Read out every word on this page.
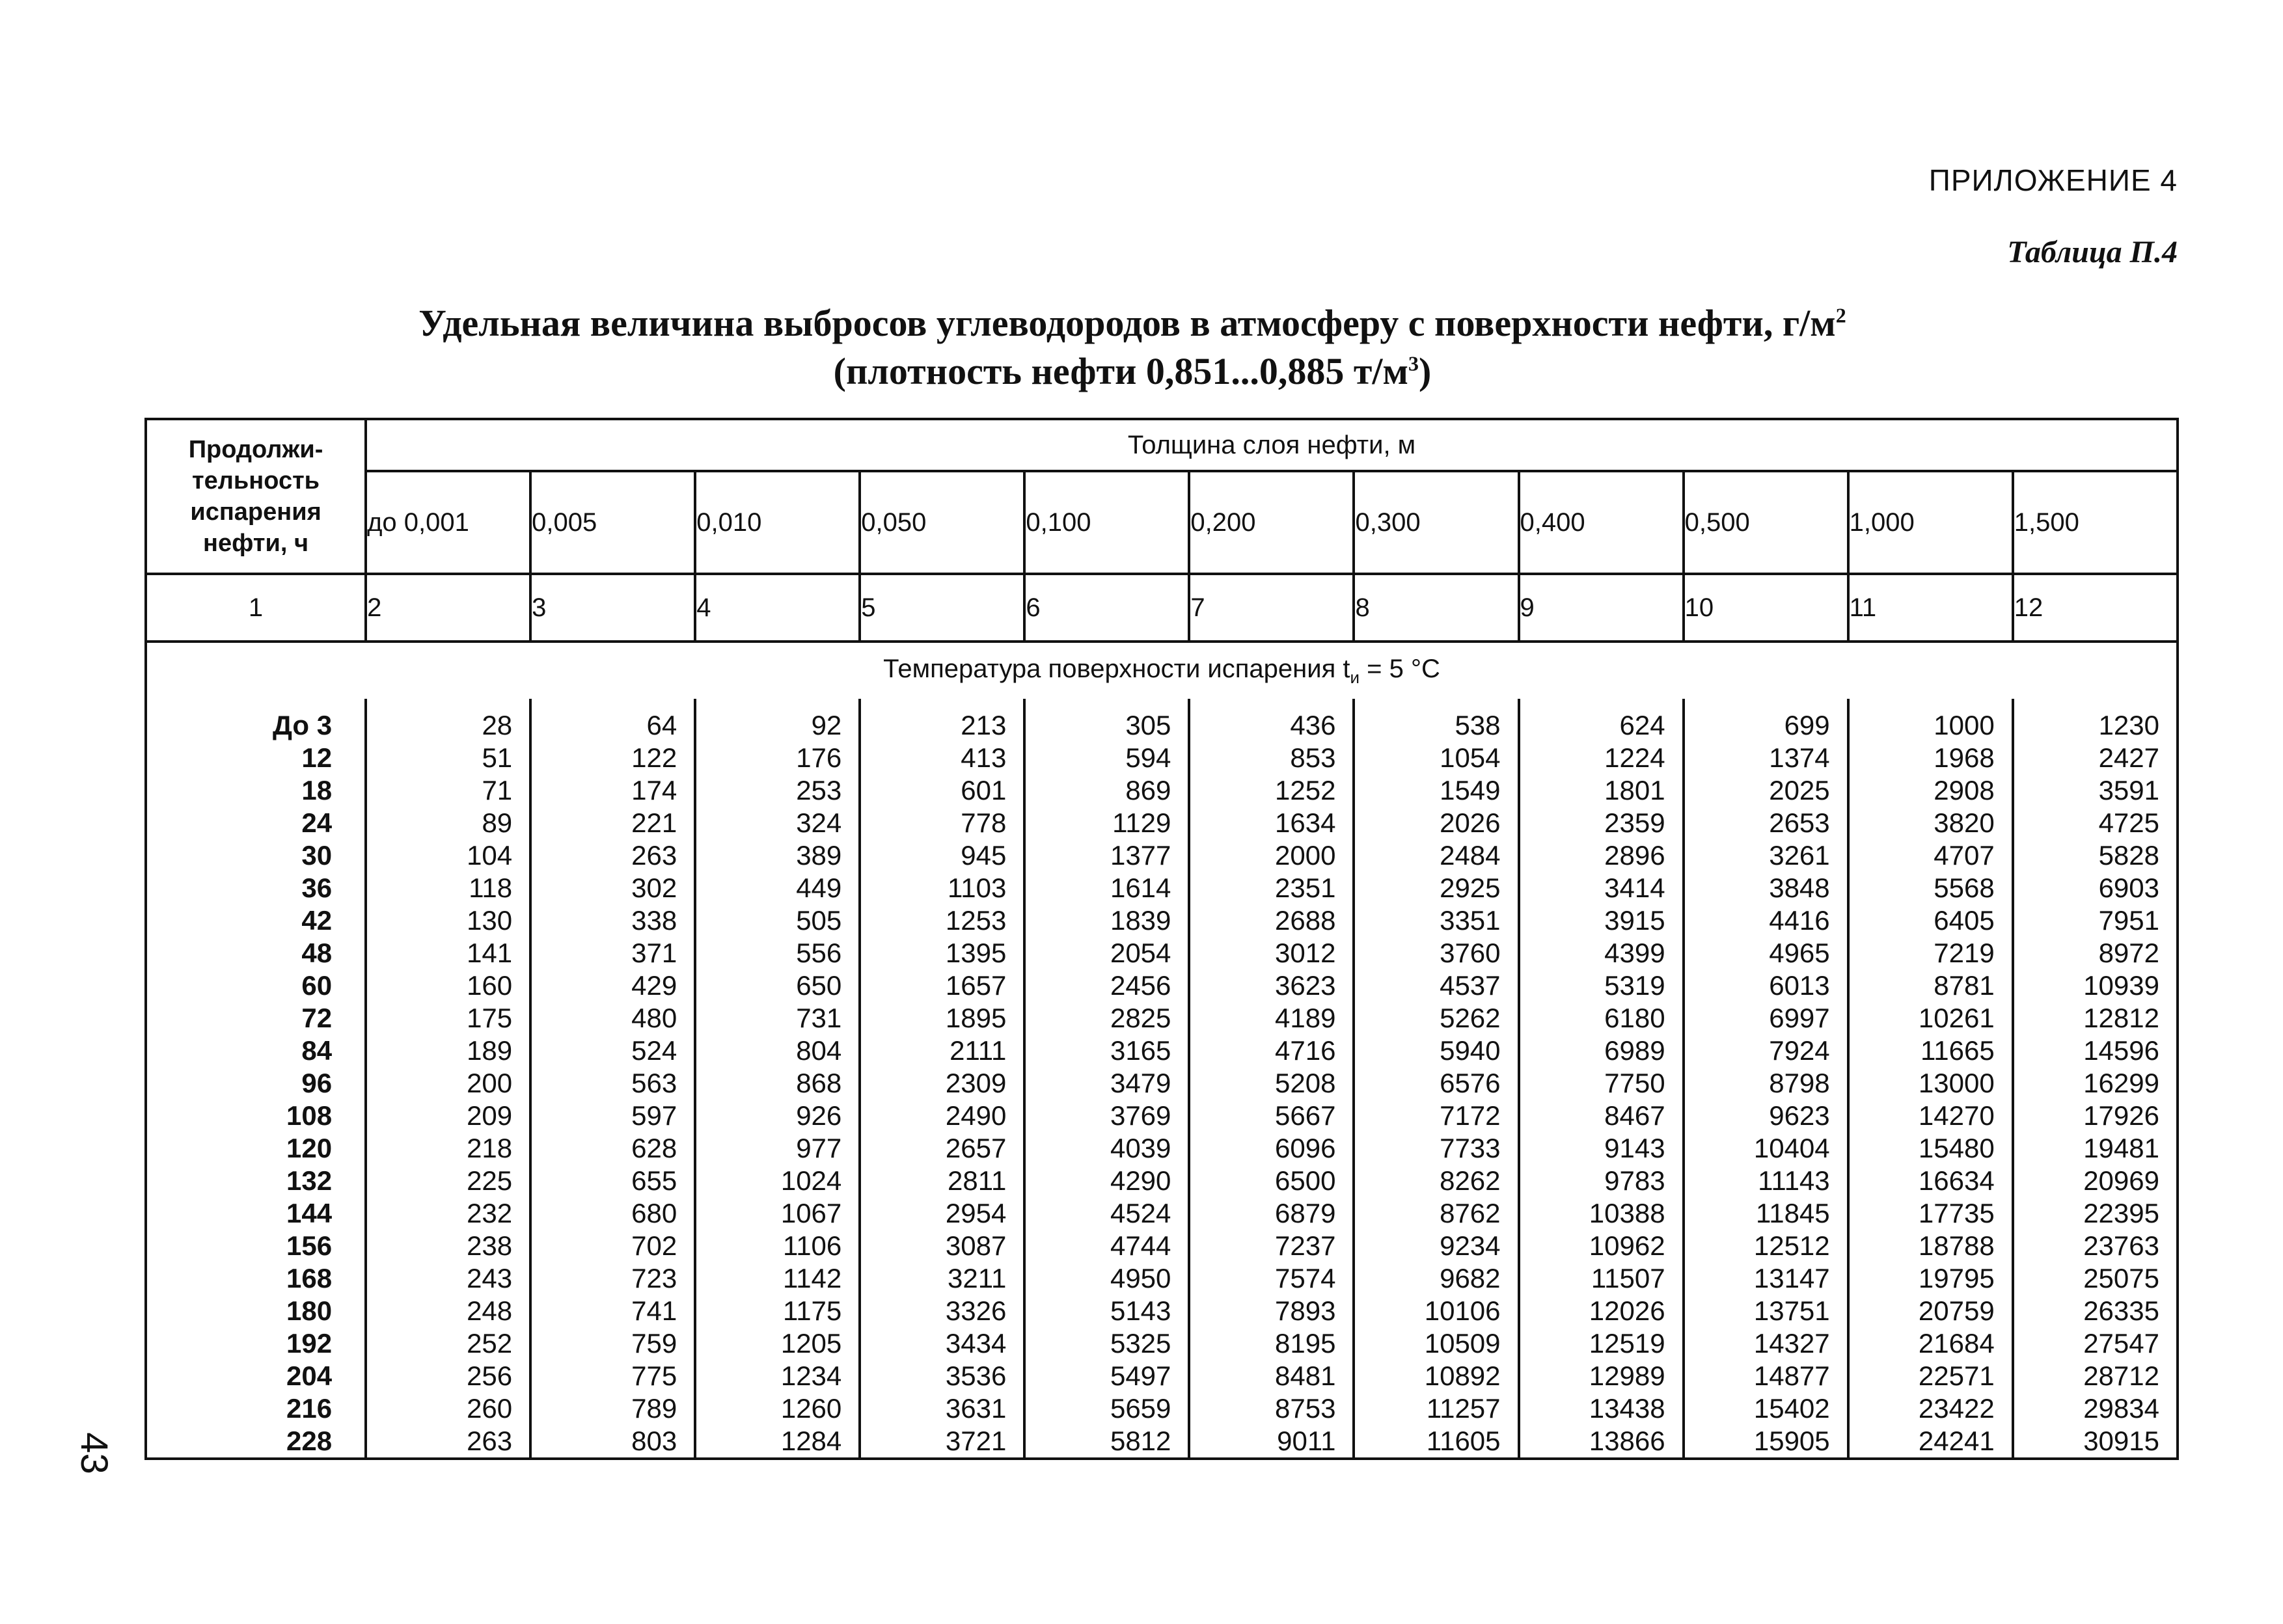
ПРИЛОЖЕНИЕ 4

Таблица П.4

Удельная величина выбросов углеводородов в атмосферу с поверхности нефти, $г/м^2$
(плотность нефти 0,851...0,885 $т/м^3$)
43
Продолжи-
тельность
испарения
нефти, ч	Толщина слоя нефти, м										
	до 0,001	0,005	0,010	0,050	0,100	0,200	0,300	0,400	0,500	1,000	1,500
1	2	3	4	5	6	7	8	9	10	11	12
Температура поверхности испарения $t_и = 5$ °С											

До 3	28	64	92	213	305	436	538	624	699	1000	1230
12	51	122	176	413	594	853	1054	1224	1374	1968	2427
18	71	174	253	601	869	1252	1549	1801	2025	2908	3591
24	89	221	324	778	1129	1634	2026	2359	2653	3820	4725
30	104	263	389	945	1377	2000	2484	2896	3261	4707	5828
36	118	302	449	1103	1614	2351	2925	3414	3848	5568	6903
42	130	338	505	1253	1839	2688	3351	3915	4416	6405	7951
48	141	371	556	1395	2054	3012	3760	4399	4965	7219	8972
60	160	429	650	1657	2456	3623	4537	5319	6013	8781	10939
72	175	480	731	1895	2825	4189	5262	6180	6997	10261	12812
84	189	524	804	2111	3165	4716	5940	6989	7924	11665	14596
96	200	563	868	2309	3479	5208	6576	7750	8798	13000	16299
108	209	597	926	2490	3769	5667	7172	8467	9623	14270	17926
120	218	628	977	2657	4039	6096	7733	9143	10404	15480	19481
132	225	655	1024	2811	4290	6500	8262	9783	11143	16634	20969
144	232	680	1067	2954	4524	6879	8762	10388	11845	17735	22395
156	238	702	1106	3087	4744	7237	9234	10962	12512	18788	23763
168	243	723	1142	3211	4950	7574	9682	11507	13147	19795	25075
180	248	741	1175	3326	5143	7893	10106	12026	13751	20759	26335
192	252	759	1205	3434	5325	8195	10509	12519	14327	21684	27547
204	256	775	1234	3536	5497	8481	10892	12989	14877	22571	28712
216	260	789	1260	3631	5659	8753	11257	13438	15402	23422	29834
228	263	803	1284	3721	5812	9011	11605	13866	15905	24241	30915
